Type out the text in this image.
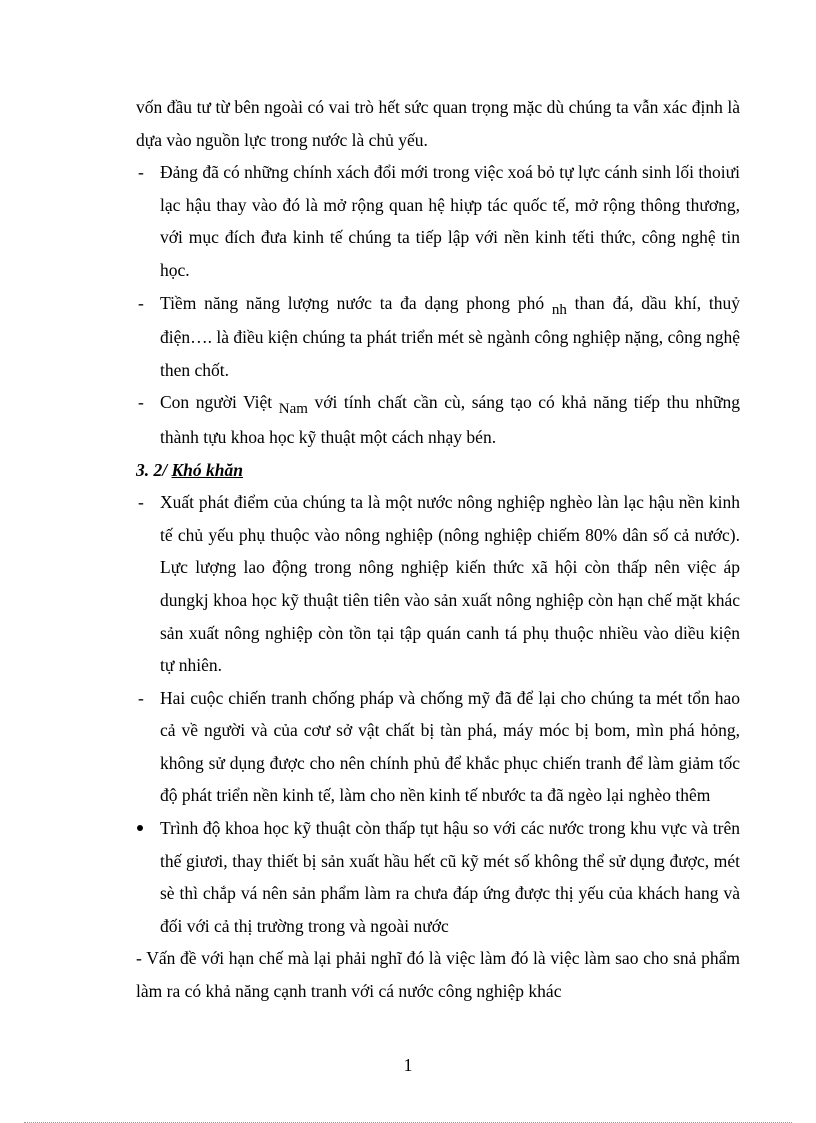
vốn đầu tư từ bên ngoài có vai trò hết sức quan trọng mặc dù chúng ta vẫn xác định là dựa vào nguồn lực trong nước là chủ yếu.

- Đảng đã có những chính xách đổi mới trong việc xoá bỏ tự lực cánh sinh lối thoiưi lạc hậu thay vào đó là mở rộng quan hệ hiựp tác quốc tế, mở rộng thông thương, với mục đích đưa kinh tế chúng ta tiếp lập với nền kinh tếti thức, công nghệ tin học.
- Tiềm năng năng lượng nước ta đa dạng phong phó nh than đá, dầu khí, thuỷ điện…. là điều kiện chúng ta phát triển mét sè ngành công nghiệp nặng, công nghệ then chốt.
- Con người Việt Nam với tính chất cần cù, sáng tạo có khả năng tiếp thu những thành tựu khoa học kỹ thuật một cách nhạy bén.

3. 2/ Khó khăn

- Xuất phát điểm của chúng ta là một nước nông nghiệp nghèo làn lạc hậu nền kinh tế chủ yếu phụ thuộc vào nông nghiệp (nông nghiệp chiếm 80% dân số cả nước). Lực lượng lao động trong nông nghiệp kiến thức xã hội còn thấp nên việc áp dungkj khoa học kỹ thuật tiên tiên vào sản xuất nông nghiệp còn hạn chế mặt khác sản xuất nông nghiệp còn tồn tại tập quán canh tá phụ thuộc nhiều vào diều kiện tự nhiên.
- Hai cuộc chiến tranh chống pháp và chống mỹ đã để lại cho chúng ta mét tổn hao cả về người và của cơư sở vật chất bị tàn phá, máy móc bị bom, mìn phá hỏng, không sử dụng được cho nên chính phủ để khắc phục chiến tranh để làm giảm tốc độ phát triển nền kinh tế, làm cho nền kinh tế nbước ta đã ngèo lại nghèo thêm
Trình độ khoa học kỹ thuật còn thấp tụt hậu so với các nước trong khu vực và trên thế giươi, thay thiết bị sản xuất hầu hết cũ kỹ mét số không thể sử dụng được, mét sè thì chắp vá nên sản phẩm làm ra chưa đáp ứng được thị yếu của khách hang và đối với cả thị trường trong và ngoài nước

- Vấn đề với hạn chế mà lại phải nghĩ đó là việc làm đó là việc làm sao cho snả phẩm làm ra có khả năng cạnh tranh với cá nước công nghiệp khác

1
